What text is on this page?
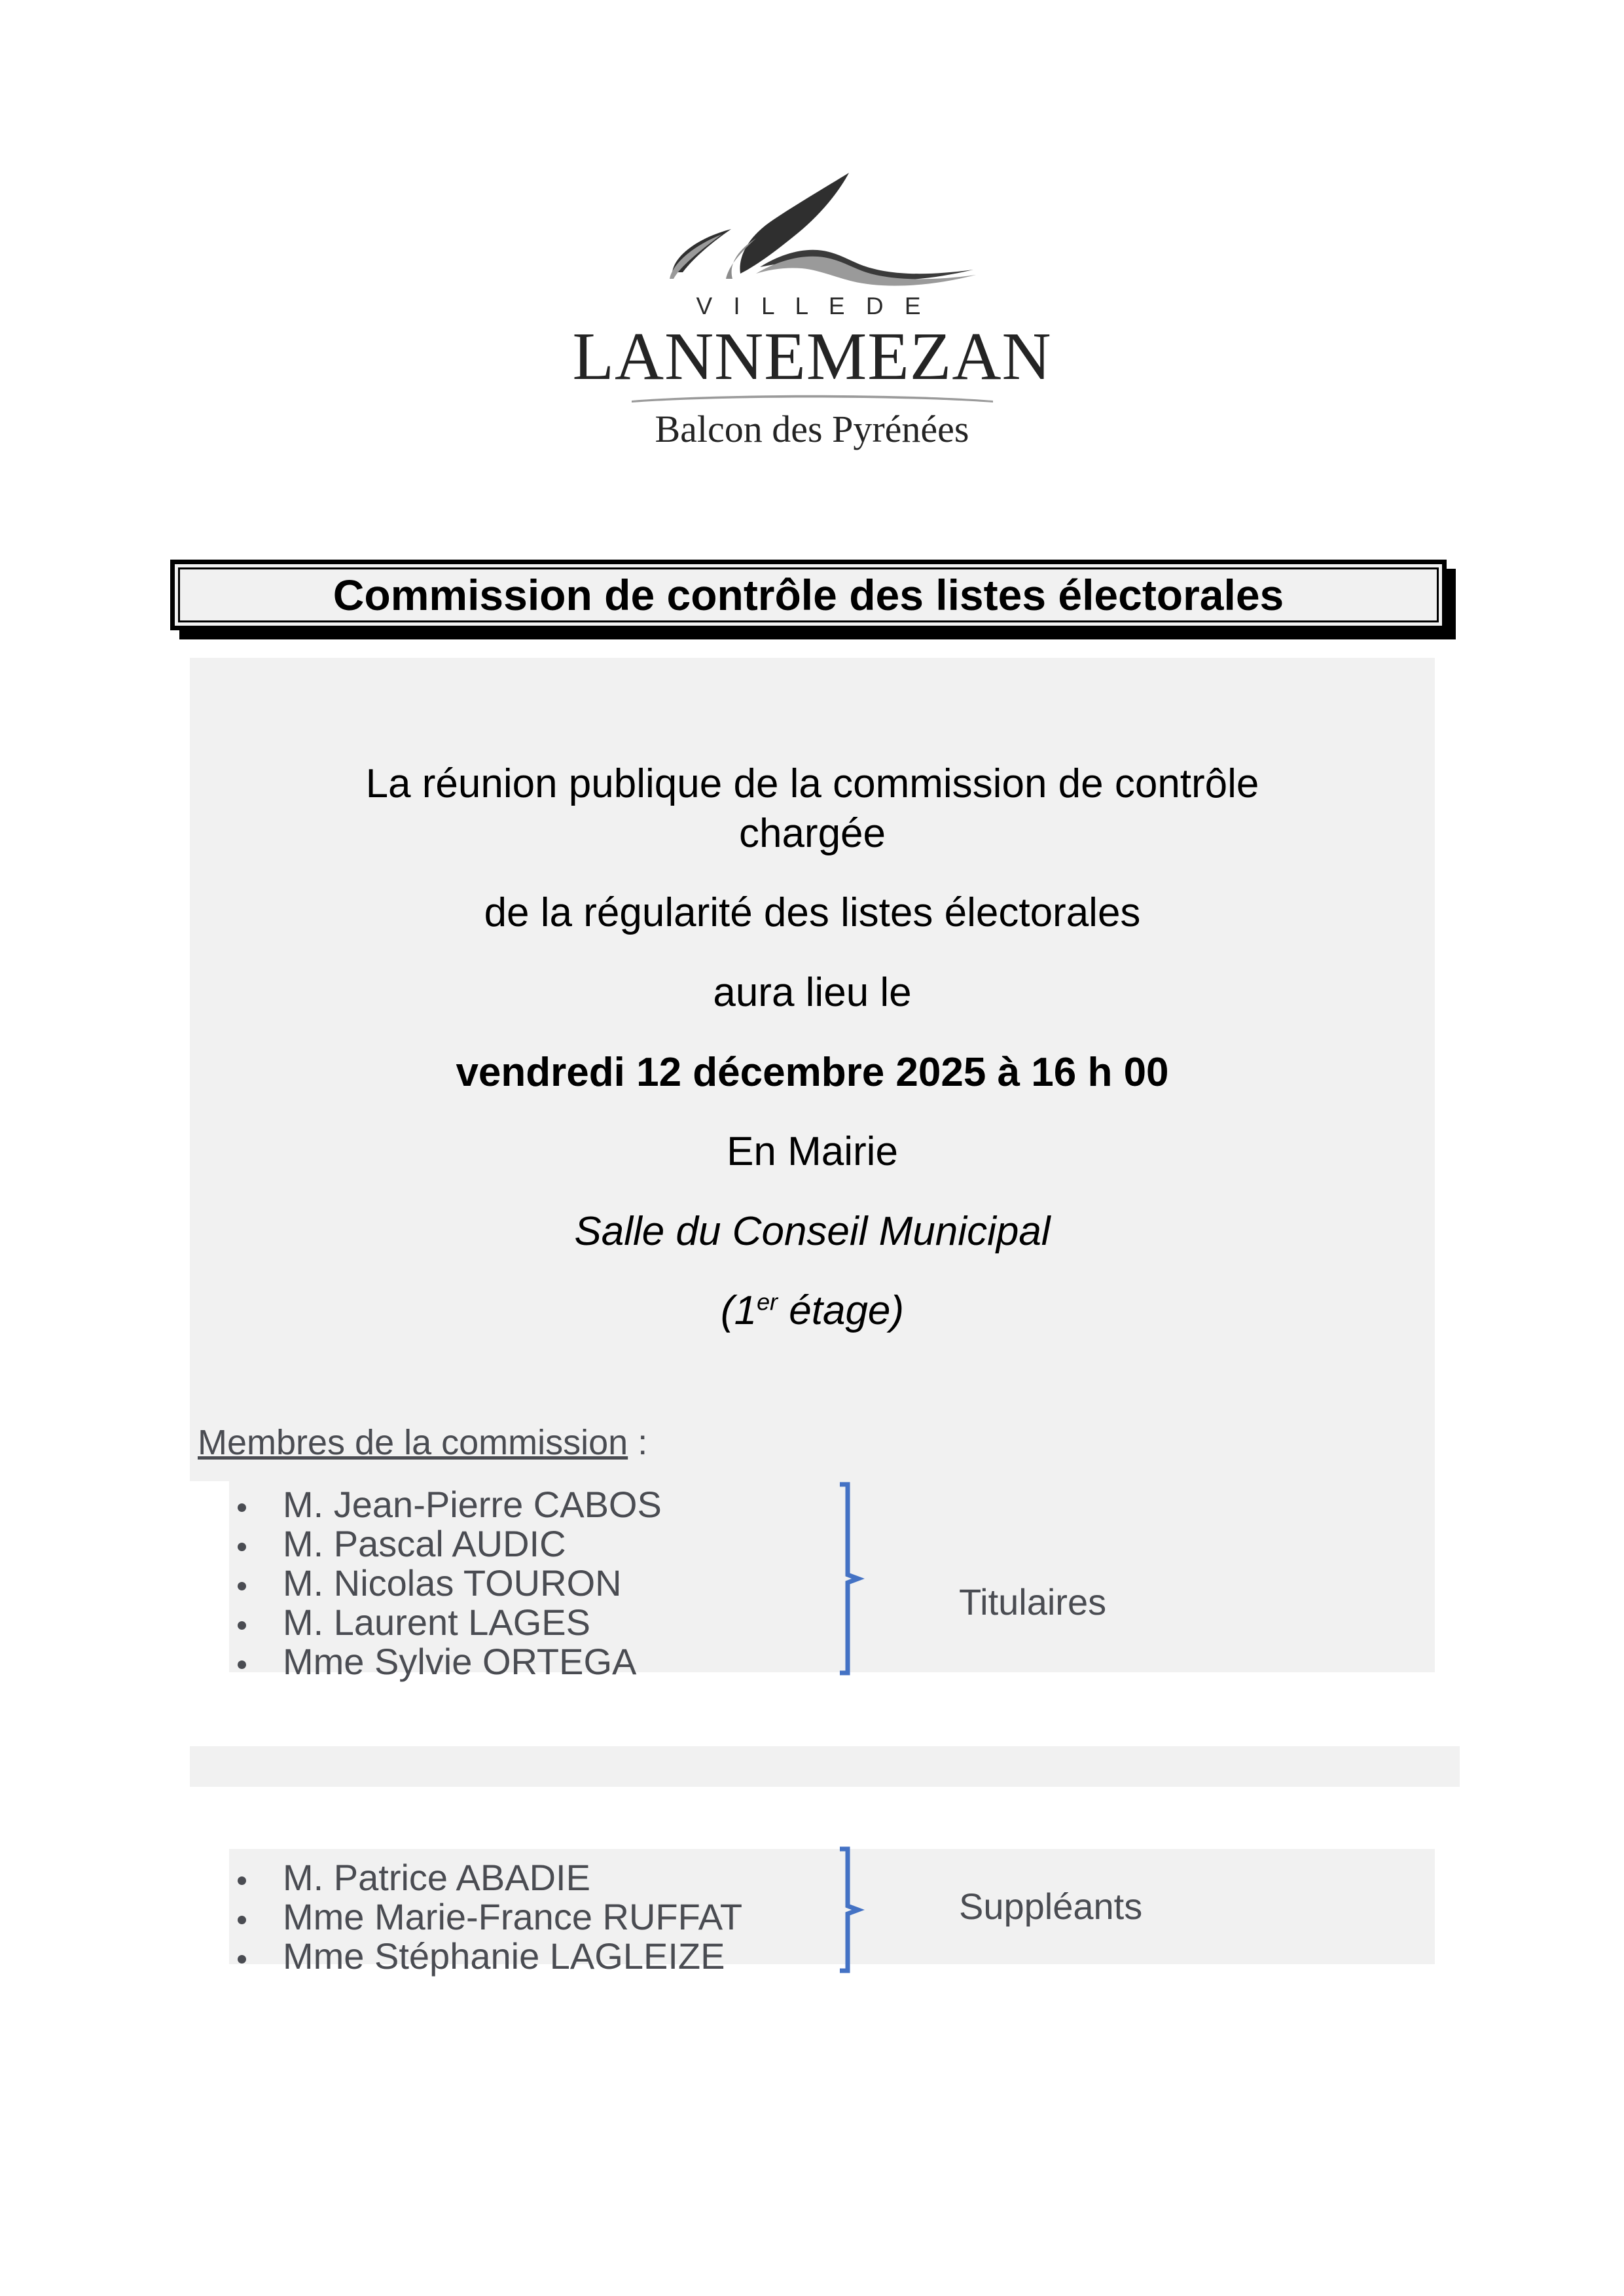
V I L L E D E
LANNEMEZAN
Balcon des Pyrénées
Commission de contrôle des listes électorales
La réunion publique de la commission de contrôle
chargée
de la régularité des listes électorales
aura lieu le
vendredi 12 décembre 2025 à 16 h 00
En Mairie
Salle du Conseil Municipal
(1er étage)
Membres de la commission :
M. Jean-Pierre CABOS
M. Pascal AUDIC
M. Nicolas TOURON
M. Laurent LAGES
Mme Sylvie ORTEGA
Titulaires
M. Patrice ABADIE
Mme Marie-France RUFFAT
Mme Stéphanie LAGLEIZE
Suppléants
